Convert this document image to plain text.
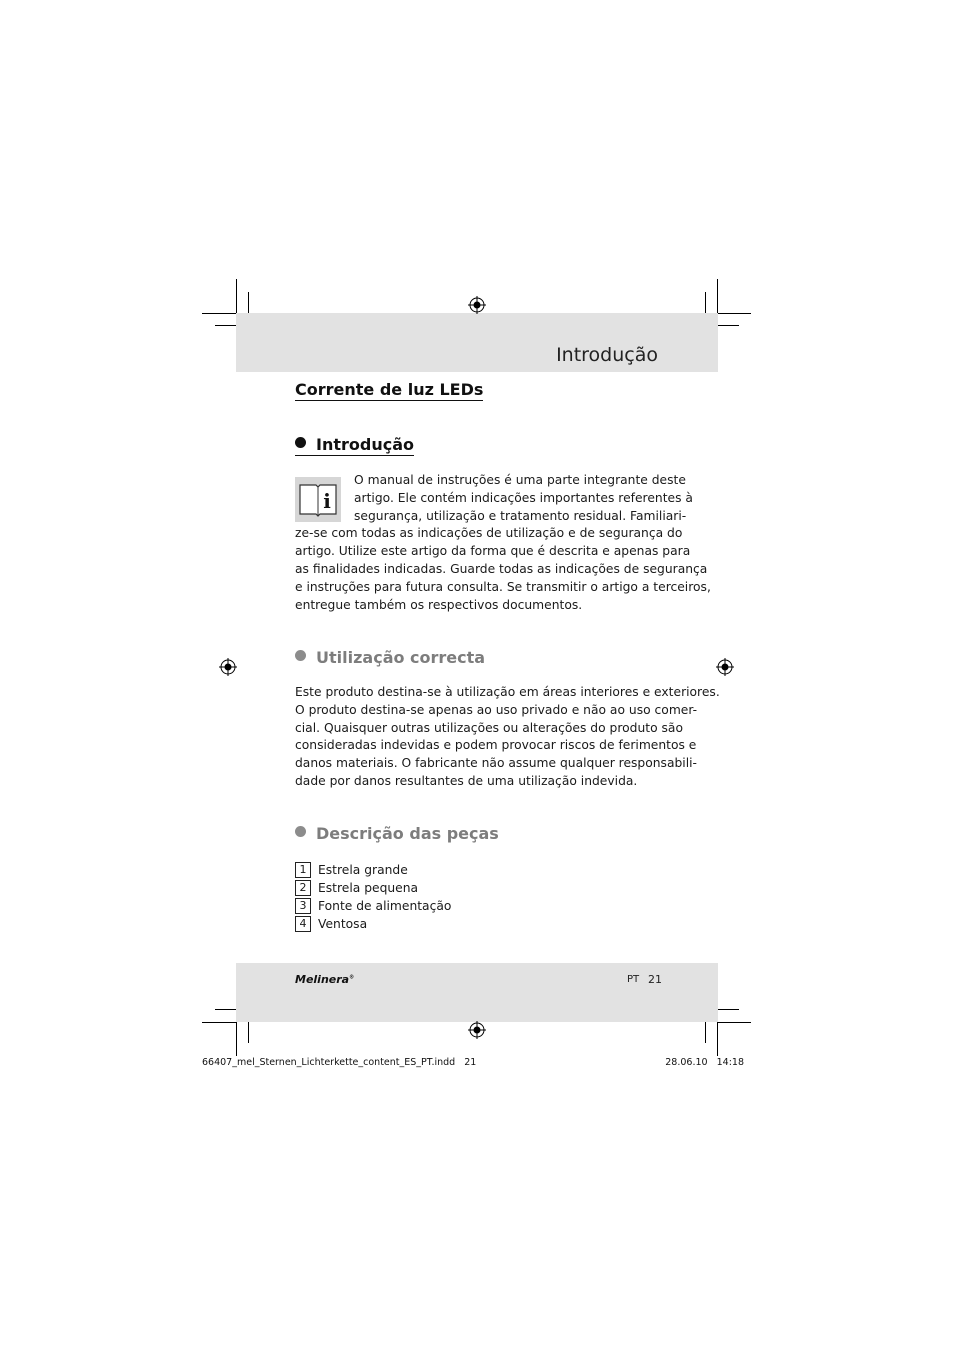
Introdução
Corrente de luz LEDs
Introdução
i
O manual de instruções é uma parte integrante deste
artigo. Ele contém indicações importantes referentes à
segurança, utilização e tratamento residual. Familiari-
ze-se com todas as indicações de utilização e de segurança do
artigo. Utilize este artigo da forma que é descrita e apenas para
as finalidades indicadas. Guarde todas as indicações de segurança
e instruções para futura consulta. Se transmitir o artigo a terceiros,
entregue também os respectivos documentos.
Utilização correcta
Este produto destina-se à utilização em áreas interiores e exteriores.
O produto destina-se apenas ao uso privado e não ao uso comer-
cial. Quaisquer outras utilizações ou alterações do produto são
consideradas indevidas e podem provocar riscos de ferimentos e
danos materiais. O fabricante não assume qualquer responsabili-
dade por danos resultantes de uma utilização indevida.
Descrição das peças
1 Estrela grande
2 Estrela pequena
3 Fonte de alimentação
4 Ventosa
Melinera®	PT 21
66407_mel_Sternen_Lichterkette_content_ES_PT.indd   21	28.06.10   14:18
